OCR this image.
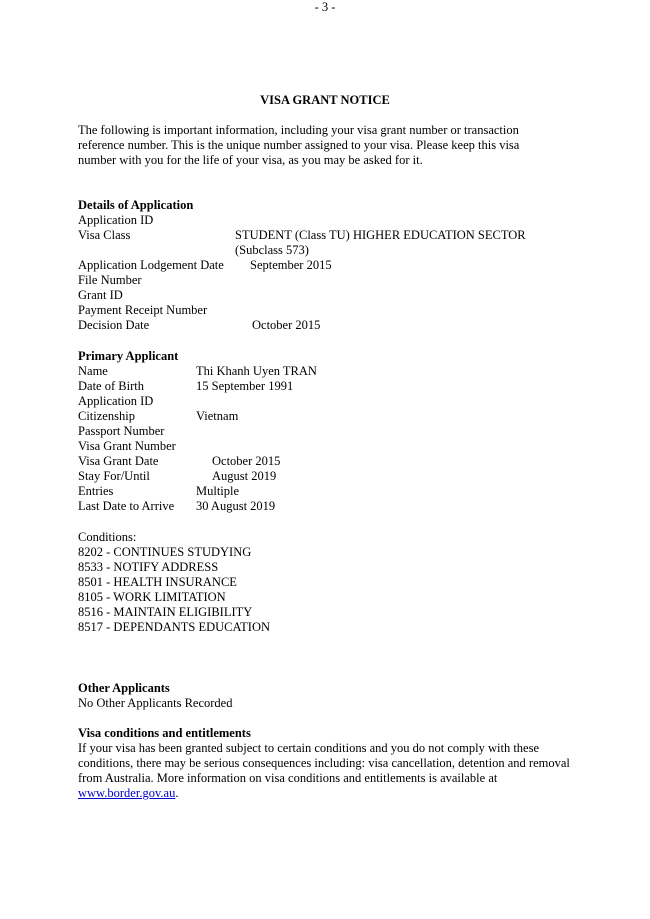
- 3 -
VISA GRANT NOTICE

The following is important information, including your visa grant number or transaction reference number. This is the unique number assigned to your visa. Please keep this visa number with you for the life of your visa, as you may be asked for it.

Details of Application
Application ID
Visa Class	STUDENT (Class TU) HIGHER EDUCATION SECTOR
(Subclass 573)
Application Lodgement Date September 2015
File Number
Grant ID
Payment Receipt Number
Decision Date	October 2015
Primary Applicant
Name	Thi Khanh Uyen TRAN
Date of Birth	15 September 1991
Application ID
Citizenship	Vietnam
Passport Number
Visa Grant Number
Visa Grant Date	October 2015
Stay For/Until	August 2019
Entries	Multiple
Last Date to Arrive 30 August 2019
Conditions:
8202 - CONTINUES STUDYING
8533 - NOTIFY ADDRESS
8501 - HEALTH INSURANCE
8105 - WORK LIMITATION
8516 - MAINTAIN ELIGIBILITY
8517 - DEPENDANTS EDUCATION
Other Applicants
No Other Applicants Recorded
Visa conditions and entitlements
If your visa has been granted subject to certain conditions and you do not comply with these conditions, there may be serious consequences including: visa cancellation, detention and removal from Australia. More information on visa conditions and entitlements is available at www.border.gov.au.
